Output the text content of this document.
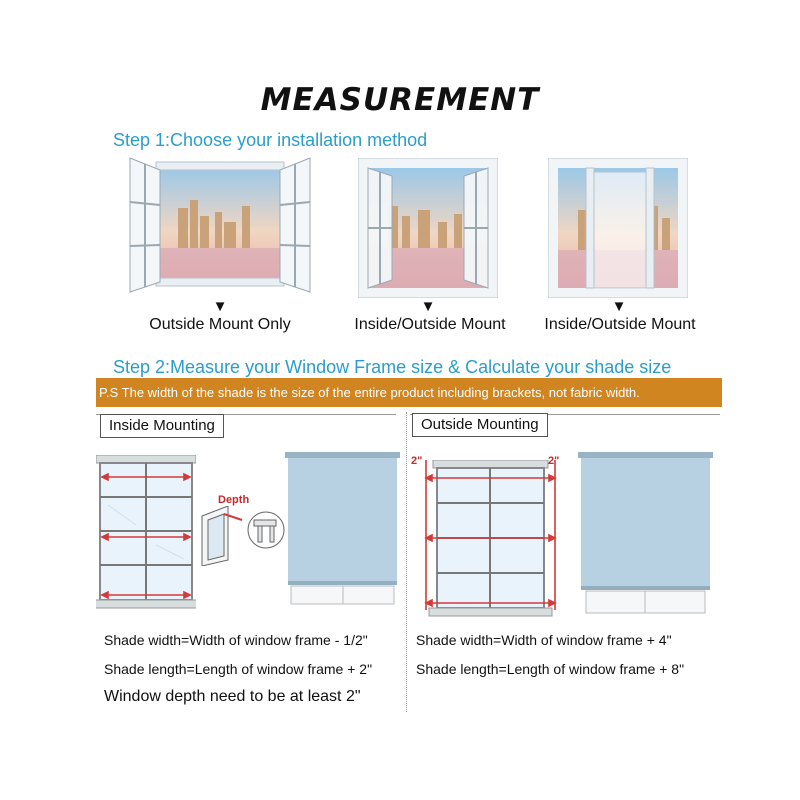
MEASUREMENT
Step 1:Choose your installation method
▼	▼	▼
Outside Mount Only	Inside/Outside Mount	Inside/Outside Mount
Step 2:Measure your Window Frame size & Calculate your shade size
P.S The width of the shade is the size of the entire product including brackets, not fabric width.
Inside Mounting	Outside Mounting
Depth
2"	2"
Shade width=Width of window frame - 1/2"
Shade length=Length of window frame + 2"
Window depth need to be at least 2"
Shade width=Width of window frame + 4"
Shade length=Length of window frame + 8"
